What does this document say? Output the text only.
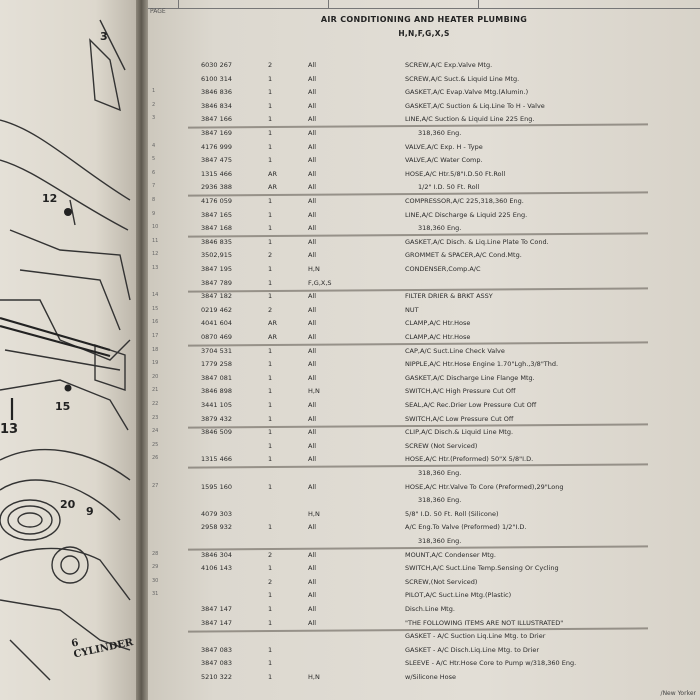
3
12
15
13
20
9
6 CYLINDER
PAGE
AIR CONDITIONING AND HEATER PLUMBING
H,N,F,G,X,S
6030 267	2	All	SCREW,A/C Exp.Valve Mtg.
6100 314	1	All	SCREW,A/C Suct.& Liquid Line Mtg.
1	3846 836	1	All	GASKET,A/C Evap.Valve Mtg.(Alumin.)
2	3846 834	1	All	GASKET,A/C Suction & Liq.Line To H - Valve
3	3847 166	1	All	LINE,A/C Suction & Liquid Line 225 Eng.
3847 169	1	All	318,360 Eng.
4	4176 999	1	All	VALVE,A/C Exp. H - Type
5	3847 475	1	All	VALVE,A/C Water Comp.
6	1315 466	AR	All	HOSE,A/C Htr.5/8"I.D.50 Ft.Roll
7	2936 388	AR	All	1/2" I.D. 50 Ft. Roll
8	4176 059	1	All	COMPRESSOR,A/C 225,318,360 Eng.
9	3847 165	1	All	LINE,A/C Discharge & Liquid 225 Eng.
10	3847 168	1	All	318,360 Eng.
11	3846 835	1	All	GASKET,A/C Disch. & Liq.Line Plate To Cond.
12	3502,915	2	All	GROMMET & SPACER,A/C Cond.Mtg.
13	3847 195	1	H,N	CONDENSER,Comp.A/C
3847 789	1	F,G,X,S
14	3847 182	1	All	FILTER DRIER & BRKT ASSY
15	0219 462	2	All	NUT
16	4041 604	AR	All	CLAMP,A/C Htr.Hose
17	0870 469	AR	All	CLAMP,A/C Htr.Hose
18	3704 531	1	All	CAP,A/C Suct.Line Check Valve
19	1779 258	1	All	NIPPLE,A/C Htr.Hose Engine 1.70"Lgh.,3/8"Thd.
20	3847 081	1	All	GASKET,A/C Discharge Line Flange Mtg.
21	3846 898	1	H,N	SWITCH,A/C High Pressure Cut Off
22	3441 105	1	All	SEAL,A/C Rec.Drier Low Pressure Cut Off
23	3879 432	1	All	SWITCH,A/C Low Pressure Cut Off
24	3846 509	1	All	CLIP,A/C Disch.& Liquid Line Mtg.
25	1	All	SCREW (Not Serviced)
26	1315 466	1	All	HOSE,A/C Htr.(Preformed) 50"X 5/8"I.D.
318,360 Eng.
27	1595 160	1	All	HOSE,A/C Htr.Valve To Core (Preformed),29"Long
318,360 Eng.
4079 303	H,N	5/8" I.D. 50 Ft. Roll (Silicone)
2958 932	1	All	A/C Eng.To Valve (Preformed) 1/2"I.D.
318,360 Eng.
28	3846 304	2	All	MOUNT,A/C Condenser Mtg.
29	4106 143	1	All	SWITCH,A/C Suct.Line Temp.Sensing Or Cycling
30	2	All	SCREW,(Not Serviced)
31	1	All	PILOT,A/C Suct.Line Mtg.(Plastic)
3847 147	1	All	Disch.Line Mtg.
3847 147	1	All	"THE FOLLOWING ITEMS ARE NOT ILLUSTRATED"
GASKET - A/C Suction Liq.Line Mtg. to Drier
3847 083	1	GASKET - A/C Disch.Liq.Line Mtg. to Drier
3847 083	1	SLEEVE - A/C Htr.Hose Core to Pump w/318,360 Eng.
5210 322	1	H,N	w/Silicone Hose
/New Yorker
